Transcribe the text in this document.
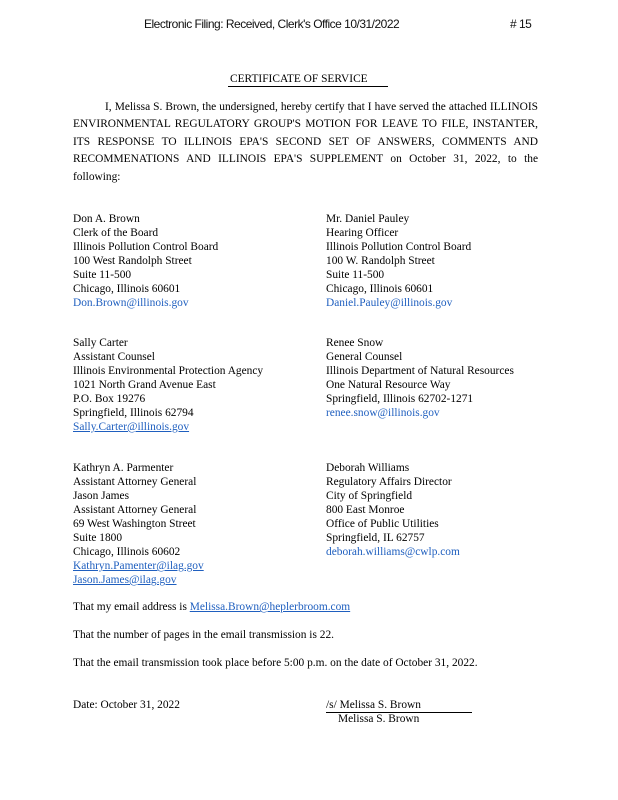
Electronic Filing: Received, Clerk's Office 10/31/2022	# 15
CERTIFICATE OF SERVICE
I, Melissa S. Brown, the undersigned, hereby certify that I have served the attached ILLINOIS ENVIRONMENTAL REGULATORY GROUP'S MOTION FOR LEAVE TO FILE, INSTANTER, ITS RESPONSE TO ILLINOIS EPA'S SECOND SET OF ANSWERS, COMMENTS AND RECOMMENATIONS AND ILLINOIS EPA'S SUPPLEMENT on October 31, 2022, to the following:
Don A. Brown
Clerk of the Board
Illinois Pollution Control Board
100 West Randolph Street
Suite 11-500
Chicago, Illinois 60601
Don.Brown@illinois.gov
Mr. Daniel Pauley
Hearing Officer
Illinois Pollution Control Board
100 W. Randolph Street
Suite 11-500
Chicago, Illinois 60601
Daniel.Pauley@illinois.gov
Sally Carter
Assistant Counsel
Illinois Environmental Protection Agency
1021 North Grand Avenue East
P.O. Box 19276
Springfield, Illinois 62794
Sally.Carter@illinois.gov
Renee Snow
General Counsel
Illinois Department of Natural Resources
One Natural Resource Way
Springfield, Illinois 62702-1271
renee.snow@illinois.gov
Kathryn A. Parmenter
Assistant Attorney General
Jason James
Assistant Attorney General
69 West Washington Street
Suite 1800
Chicago, Illinois 60602
Kathryn.Pamenter@ilag.gov
Jason.James@ilag.gov
Deborah Williams
Regulatory Affairs Director
City of Springfield
800 East Monroe
Office of Public Utilities
Springfield, IL 62757
deborah.williams@cwlp.com
That my email address is Melissa.Brown@heplerbroom.com
That the number of pages in the email transmission is 22.
That the email transmission took place before 5:00 p.m. on the date of October 31, 2022.
Date: October 31, 2022	/s/ Melissa S. Brown
Melissa S. Brown
